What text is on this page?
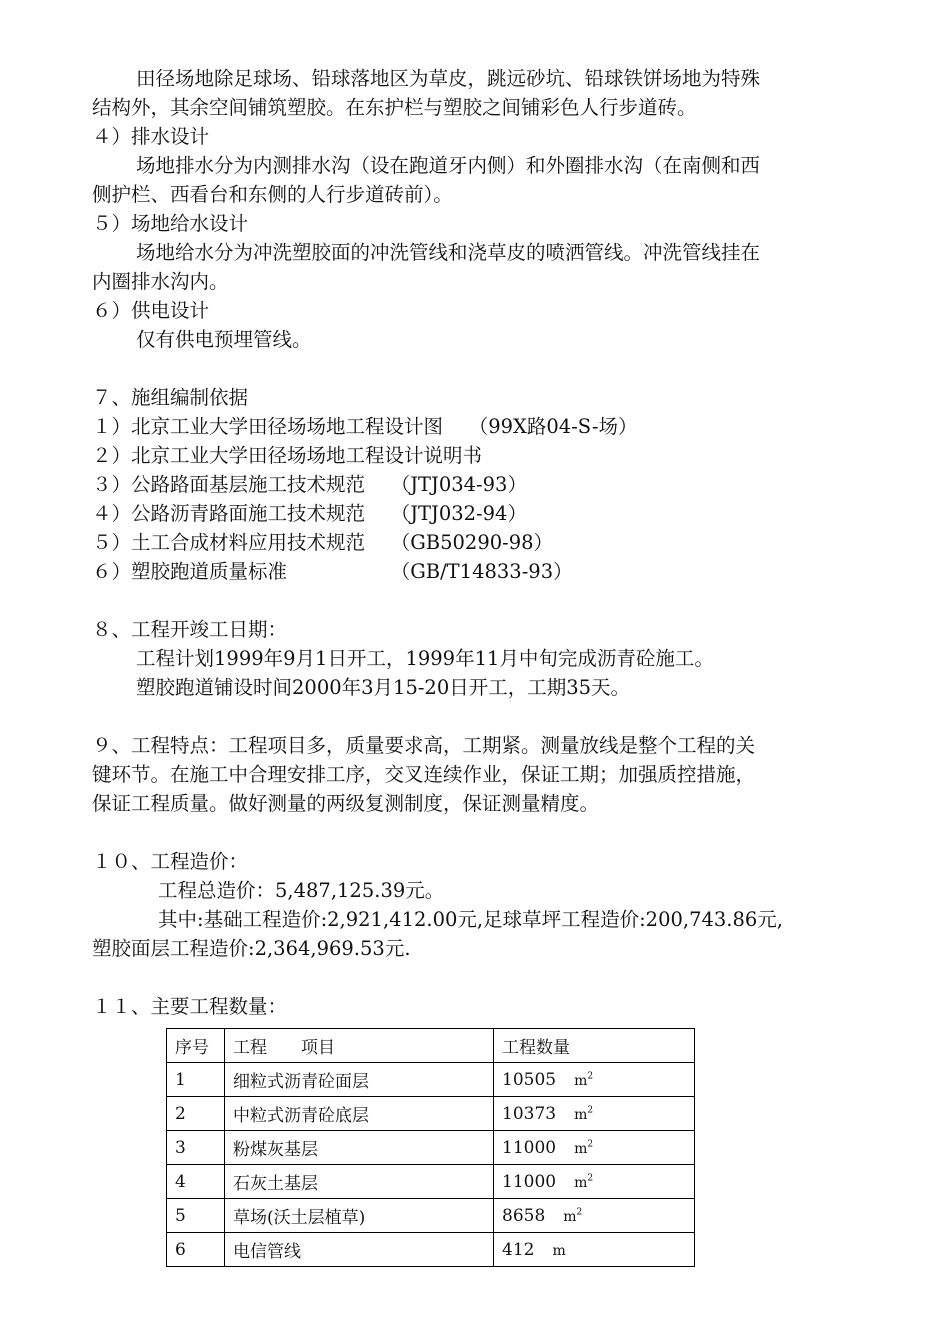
田径场地除足球场、铅球落地区为草皮，跳远砂坑、铅球铁饼场地为特殊
结构外，其余空间铺筑塑胶。在东护栏与塑胶之间铺彩色人行步道砖。
４）排水设计
场地排水分为内测排水沟（设在跑道牙内侧）和外圈排水沟（在南侧和西
侧护栏、西看台和东侧的人行步道砖前）。
５）场地给水设计
场地给水分为冲洗塑胶面的冲洗管线和浇草皮的喷洒管线。冲洗管线挂在
内圈排水沟内。
６）供电设计
仅有供电预埋管线。
７、施组编制依据
１）北京工业大学田径场场地工程设计图　 （99X路04-S-场）
２）北京工业大学田径场场地工程设计说明书
３）公路路面基层施工技术规范　 （JTJ034-93）
４）公路沥青路面施工技术规范　 （JTJ032-94）
５）土工合成材料应用技术规范　 （GB50290-98）
６）塑胶跑道质量标准　　　　　 （GB/T14833-93）
８、工程开竣工日期：
工程计划1999年9月1日开工，1999年11月中旬完成沥青砼施工。
塑胶跑道铺设时间2000年3月15-20日开工，工期35天。
９、工程特点：工程项目多，质量要求高，工期紧。测量放线是整个工程的关
键环节。在施工中合理安排工序，交叉连续作业，保证工期；加强质控措施，
保证工程质量。做好测量的两级复测制度，保证测量精度。
１０、工程造价：
工程总造价：5,487,125.39元。
其中:基础工程造价:2,921,412.00元,足球草坪工程造价:200,743.86元,
塑胶面层工程造价:2,364,969.53元.
１１、主要工程数量：
序号	工程　　项目	工程数量
1	细粒式沥青砼面层	10505 $m^2$
2	中粒式沥青砼底层	10373 $m^2$
3	粉煤灰基层	11000 $m^2$
4	石灰土基层	11000 $m^2$
5	草场(沃土层植草)	8658 $m^2$
6	电信管线	412 m
